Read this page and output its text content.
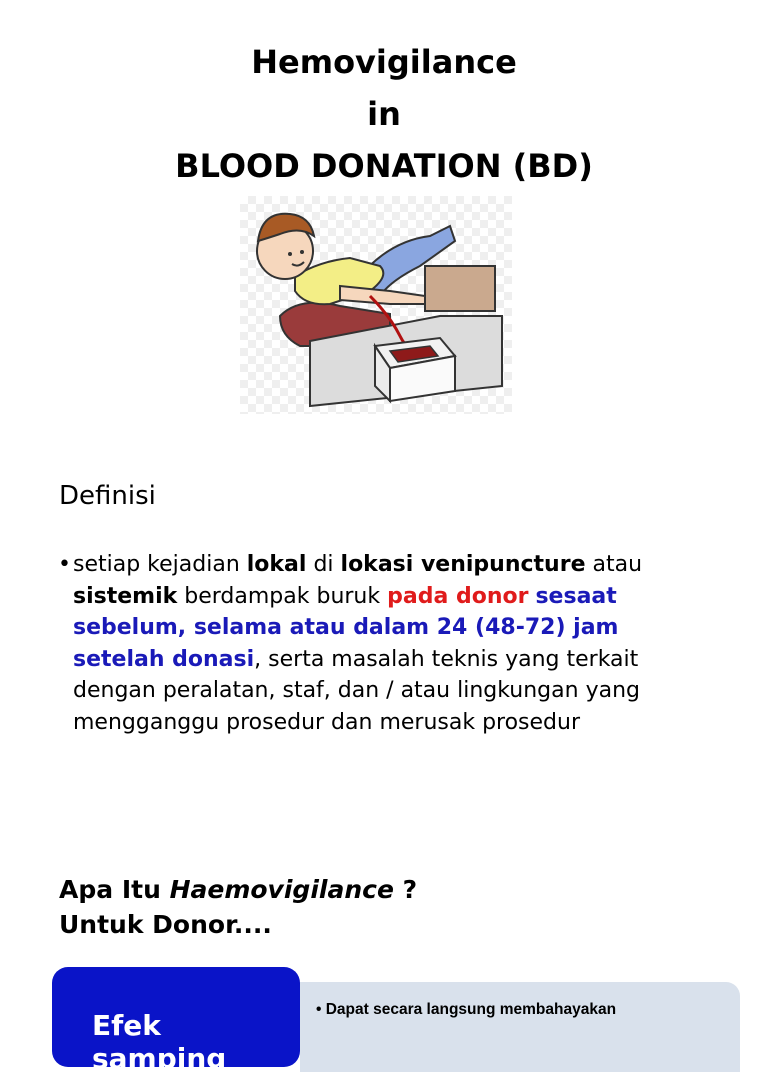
Hemovigilance
in
BLOOD DONATION (BD)
Definisi
• setiap kejadian lokal di lokasi venipuncture atau sistemik berdampak buruk pada donor sesaat sebelum, selama atau dalam 24 (48-72) jam setelah donasi, serta masalah teknis yang terkait dengan peralatan, staf, dan / atau lingkungan yang mengganggu prosedur dan merusak prosedur
Apa Itu Haemovigilance ?
Untuk Donor....
Efek samping
• Dapat secara langsung membahayakan
